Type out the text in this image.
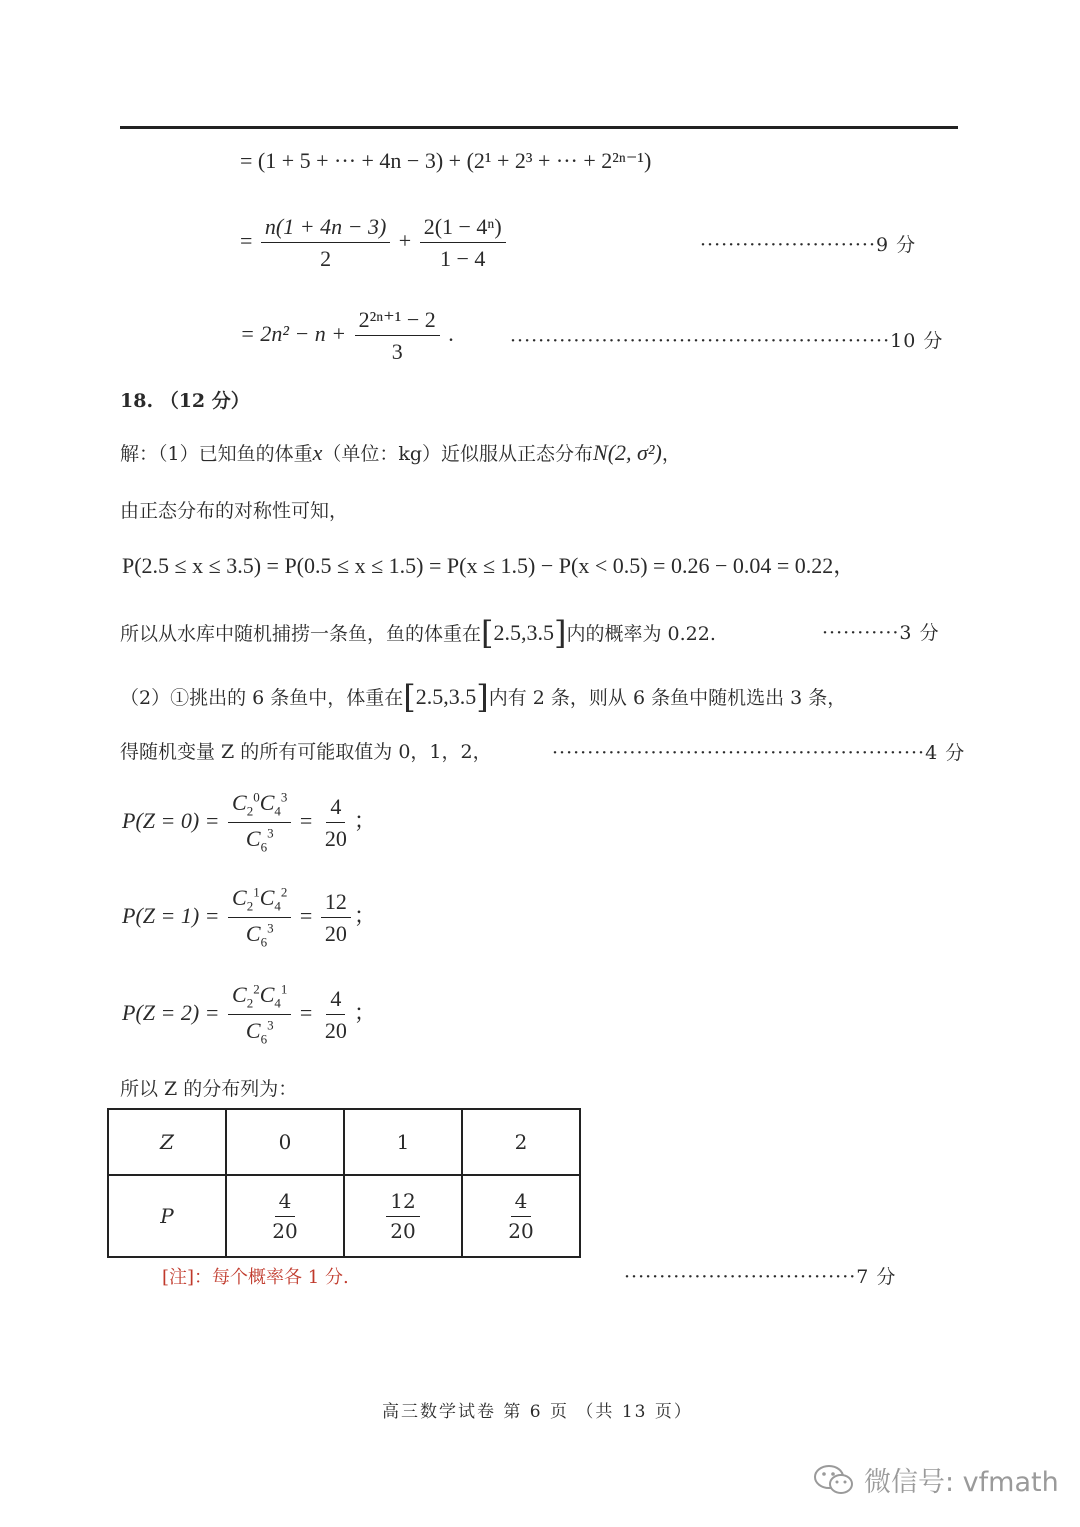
= (1 + 5 + ··· + 4n − 3) + (2¹ + 2³ + ··· + 2²ⁿ⁻¹)
= $\frac{n(1 + 4n - 3)}{2} + \frac{\text{2(1 − 4ⁿ)}}{1 - 4}$	·························9 分
= $2n^2 - n + \frac{\text{2²ⁿ⁺¹ − 2}}{3}$ .	······················································10 分
18. （12 分）
解：（1）已知鱼的体重x（单位：kg）近似服从正态分布N(2, σ²)，
由正态分布的对称性可知，
P(2.5 ≤ x ≤ 3.5) = P(0.5 ≤ x ≤ 1.5) = P(x ≤ 1.5) − P(x < 0.5) = 0.26 − 0.04 = 0.22，
所以从水库中随机捕捞一条鱼，鱼的体重在[2.5,3.5]内的概率为 0.22.	···········3 分
（2）①挑出的 6 条鱼中，体重在[2.5,3.5]内有 2 条，则从 6 条鱼中随机选出 3 条，
得随机变量 Z 的所有可能取值为 0，1，2，	·····················································4 分
$P(Z = 0) = \frac{C_2^0C_4^3}{C_6^3} = \frac{4}{20}$ ；
$P(Z = 1) = \frac{C_2^1C_4^2}{C_6^3} = \frac{12}{20}$ ；
$P(Z = 2) = \frac{C_2^2C_4^1}{C_6^3} = \frac{4}{20}$ ；
所以 Z 的分布列为：
Z	0	1	2
P	$\frac{4}{20}$	$\frac{12}{20}$	$\frac{4}{20}$
[注]：每个概率各 1 分.	·································7 分
高三数学试卷 第 6 页 （共 13 页）
微信号: vfmath
